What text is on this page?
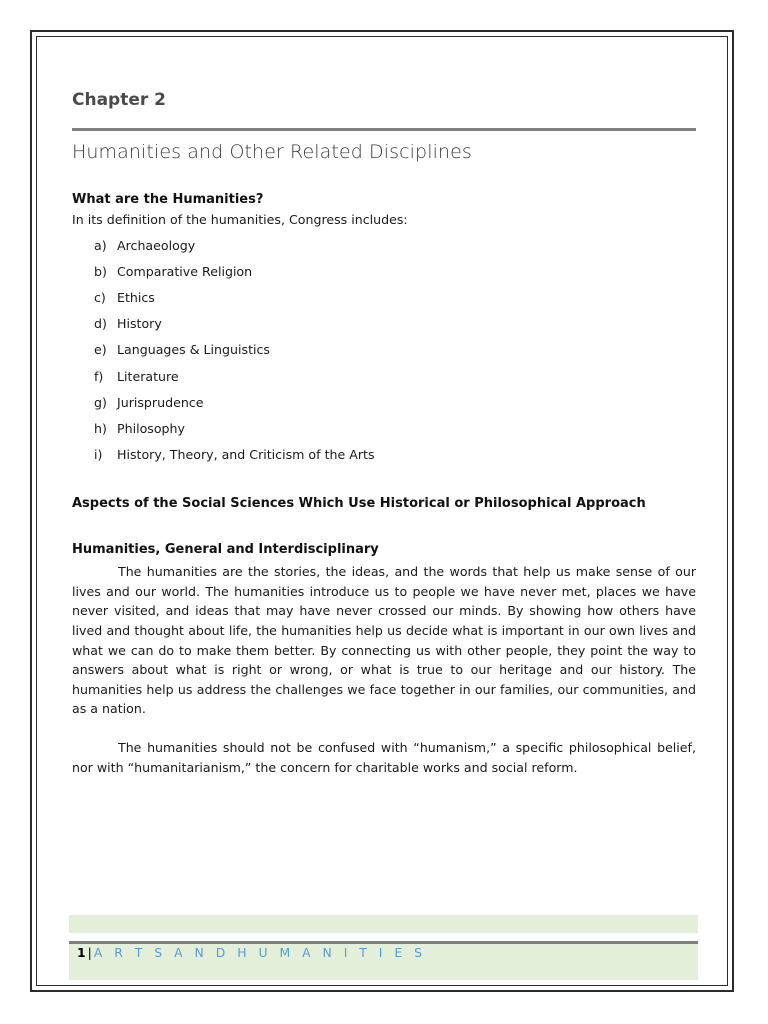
Chapter 2
Humanities and Other Related Disciplines
What are the Humanities?

In its definition of the humanities, Congress includes:

a) Archaeology
b) Comparative Religion
c) Ethics
d) History
e) Languages & Linguistics
f)	Literature
g) Jurisprudence
h) Philosophy
i)	History, Theory, and Criticism of the Arts
Aspects of the Social Sciences Which Use Historical or Philosophical Approach
Humanities, General and Interdisciplinary

The humanities are the stories, the ideas, and the words that help us make sense of our lives and our world. The humanities introduce us to people we have never met, places we have never visited, and ideas that may have never crossed our minds. By showing how others have lived and thought about life, the humanities help us decide what is important in our own lives and what we can do to make them better. By connecting us with other people, they point the way to answers about what is right or wrong, or what is true to our heritage and our history. The humanities help us address the challenges we face together in our families, our communities, and as a nation.

The humanities should not be confused with “humanism,” a specific philosophical belief, nor with “humanitarianism,” the concern for charitable works and social reform.

1 | A R T S A N D H U M A N I T I E S
